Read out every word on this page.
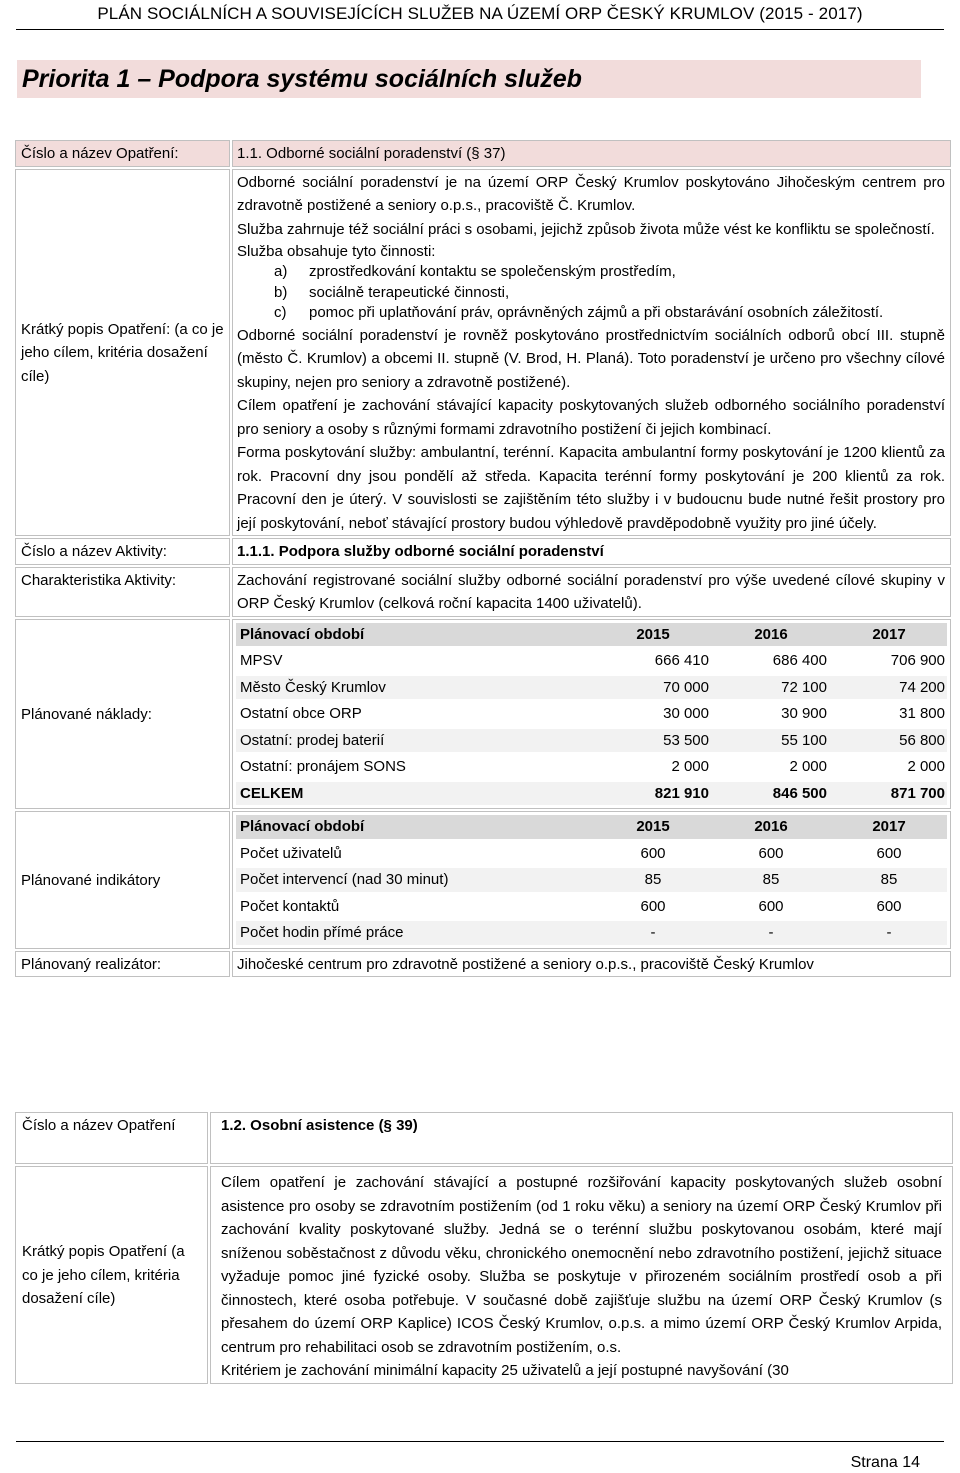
PLÁN SOCIÁLNÍCH A SOUVISEJÍCÍCH SLUŽEB NA ÚZEMÍ ORP ČESKÝ KRUMLOV (2015 - 2017)
Priorita 1 – Podpora systému sociálních služeb
Číslo a název Opatření:	1.1. Odborné sociální poradenství (§ 37)
Krátký popis Opatření: (a co je jeho cílem, kritéria dosažení cíle)	
Odborné sociální poradenství je na území ORP Český Krumlov poskytováno Jihočeským centrem pro zdravotně postižené a seniory o.p.s., pracoviště Č. Krumlov.
Služba zahrnuje též sociální práci s osobami, jejichž způsob života může vést ke konfliktu se společností.
Služba obsahuje tyto činnosti:
a)	zprostředkování kontaktu se společenským prostředím,
b)	sociálně terapeutické činnosti,
c)	pomoc při uplatňování práv, oprávněných zájmů a při obstarávání osobních záležitostí.
Odborné sociální poradenství je rovněž poskytováno prostřednictvím sociálních odborů obcí III. stupně (město Č. Krumlov) a obcemi II. stupně (V. Brod, H. Planá). Toto poradenství je určeno pro všechny cílové skupiny, nejen pro seniory a zdravotně postižené).
Cílem opatření je zachování stávající kapacity poskytovaných služeb odborného sociálního poradenství pro seniory a osoby s různými formami zdravotního postižení či jejich kombinací.
Forma poskytování služby: ambulantní, terénní. Kapacita ambulantní formy poskytování je 1200 klientů za rok. Pracovní dny jsou pondělí až středa. Kapacita terénní formy poskytování je 200 klientů za rok. Pracovní den je úterý. V souvislosti se zajištěním této služby i v budoucnu bude nutné řešit prostory pro její poskytování, neboť stávající prostory budou výhledově pravděpodobně využity pro jiné účely.

Číslo a název Aktivity:	1.1.1. Podpora služby odborné sociální poradenství
Charakteristika Aktivity:	Zachování registrované sociální služby odborné sociální poradenství pro výše uvedené cílové skupiny v ORP Český Krumlov (celková roční kapacita 1400 uživatelů).
Plánované náklady:	
Plánovací období	2015	2016	2017
MPSV	666 410	686 400	706 900
Město Český Krumlov	70 000	72 100	74 200
Ostatní obce ORP	30 000	30 900	31 800
Ostatní: prodej baterií	53 500	55 100	56 800
Ostatní: pronájem SONS	2 000	2 000	2 000
CELKEM	821 910	846 500	871 700

Plánované indikátory	
Plánovací období	2015	2016	2017
Počet uživatelů	600	600	600
Počet intervencí (nad 30 minut)	85	85	85
Počet kontaktů	600	600	600
Počet hodin přímé práce	-	-	-

Plánovaný realizátor:	Jihočeské centrum pro zdravotně postižené a seniory o.p.s., pracoviště Český Krumlov
Číslo a název Opatření	1.2. Osobní asistence (§ 39)
Krátký popis Opatření (a co je jeho cílem, kritéria dosažení cíle)	Cílem opatření je zachování stávající a postupné rozšiřování kapacity poskytovaných služeb osobní asistence pro osoby se zdravotním postižením (od 1 roku věku) a seniory na území ORP Český Krumlov při zachování kvality poskytované služby. Jedná se o terénní službu poskytovanou osobám, které mají sníženou soběstačnost z důvodu věku, chronického onemocnění nebo zdravotního postižení, jejichž situace vyžaduje pomoc jiné fyzické osoby. Služba se poskytuje v přirozeném sociálním prostředí osob a při činnostech, které osoba potřebuje. V současné době zajišťuje službu na území ORP Český Krumlov (s přesahem do území ORP Kaplice) ICOS Český Krumlov, o.p.s. a mimo území ORP Český Krumlov Arpida, centrum pro rehabilitaci osob se zdravotním postižením, o.s.
Kritériem je zachování minimální kapacity 25 uživatelů a její postupné navyšování (30
Strana 14
